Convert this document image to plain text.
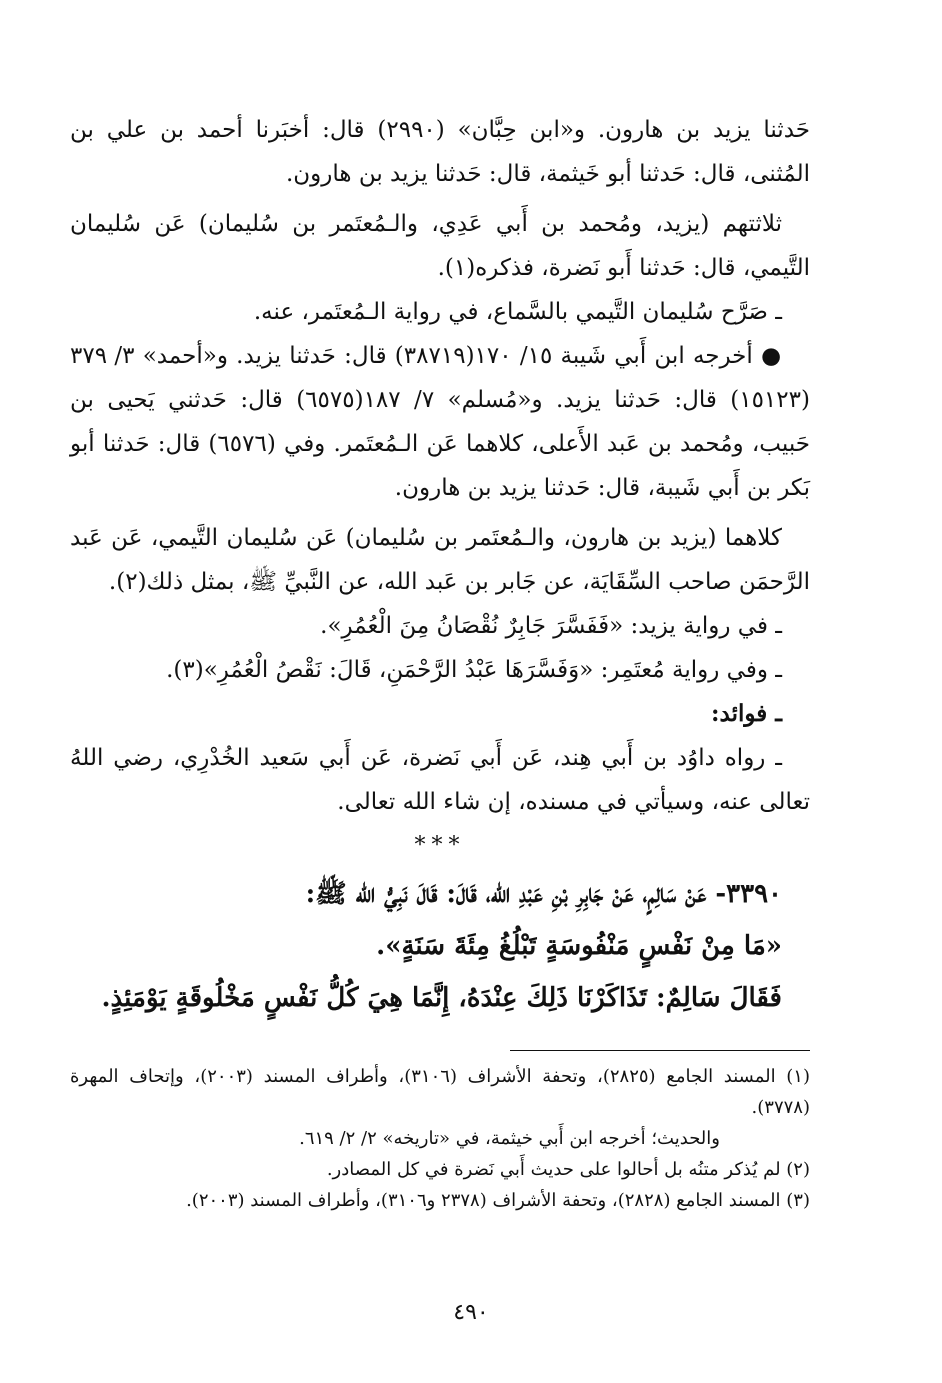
حَدثنا يزيد بن هارون. و«ابن حِبَّان» (٢٩٩٠) قال: أخبَرنا أحمد بن علي بن المُثنى، قال: حَدثنا أبو خَيثمة، قال: حَدثنا يزيد بن هارون.

ثلاثتهم (يزيد، ومُحمد بن أَبي عَدِي، والـمُعتَمر بن سُليمان) عَن سُليمان التَّيمي، قال: حَدثنا أَبو نَضرة، فذكره(١).

ـ صَرَّح سُليمان التَّيمي بالسَّماع، في رواية الـمُعتَمر، عنه.

● أخرجه ابن أَبي شَيبة ١٥/ ١٧٠(٣٨٧١٩) قال: حَدثنا يزيد. و«أحمد» ٣/ ٣٧٩ (١٥١٢٣) قال: حَدثنا يزيد. و«مُسلم» ٧/ ١٨٧(٦٥٧٥) قال: حَدثني يَحيى بن حَبيب، ومُحمد بن عَبد الأَعلى، كلاهما عَن الـمُعتَمر. وفي (٦٥٧٦) قال: حَدثنا أبو بَكر بن أَبي شَيبة، قال: حَدثنا يزيد بن هارون.

كلاهما (يزيد بن هارون، والـمُعتَمر بن سُليمان) عَن سُليمان التَّيمي، عَن عَبد الرَّحمَن صاحب السِّقَايَة، عن جَابر بن عَبد الله، عن النَّبيِّ ﷺ، بمثل ذلك(٢).

ـ في رواية يزيد: «فَفَسَّرَ جَابِرٌ نُقْصَانُ مِنَ الْعُمُرِ».

ـ وفي رواية مُعتَمِر: «وَفَسَّرَهَا عَبْدُ الرَّحْمَنِ، قَالَ: نَقْصُ الْعُمُرِ»(٣).

ـ فوائد:

ـ رواه داوُد بن أَبي هِند، عَن أَبي نَضرة، عَن أَبي سَعيد الخُدْرِي، رضي اللهُ تعالى عنه، وسيأتي في مسنده، إن شاء الله تعالى.

***

٣٣٩٠- عَنْ سَالِمٍ، عَنْ جَابِرِ بْنِ عَبْدِ الله، قَالَ: قَالَ نَبِيُّ الله ﷺ:

«مَا مِنْ نَفْسٍ مَنْفُوسَةٍ تَبْلُغُ مِئَةَ سَنَةٍ».

فَقَالَ سَالِمٌ: تَذَاكَرْنَا ذَلِكَ عِنْدَهُ، إِنَّمَا هِيَ كُلُّ نَفْسٍ مَخْلُوقَةٍ يَوْمَئِذٍ.

(١) المسند الجامع (٢٨٢٥)، وتحفة الأشراف (٣١٠٦)، وأطراف المسند (٢٠٠٣)، وإتحاف المهرة (٣٧٧٨).

والحديث؛ أخرجه ابن أَبي خيثمة، في «تاريخه» ٢/ ٢/ ٦١٩.

(٢) لم يُذكر متنُه بل أحالوا على حديث أَبي نَضرة في كل المصادر.

(٣) المسند الجامع (٢٨٢٨)، وتحفة الأشراف (٢٣٧٨ و٣١٠٦)، وأطراف المسند (٢٠٠٣).

٤٩٠
